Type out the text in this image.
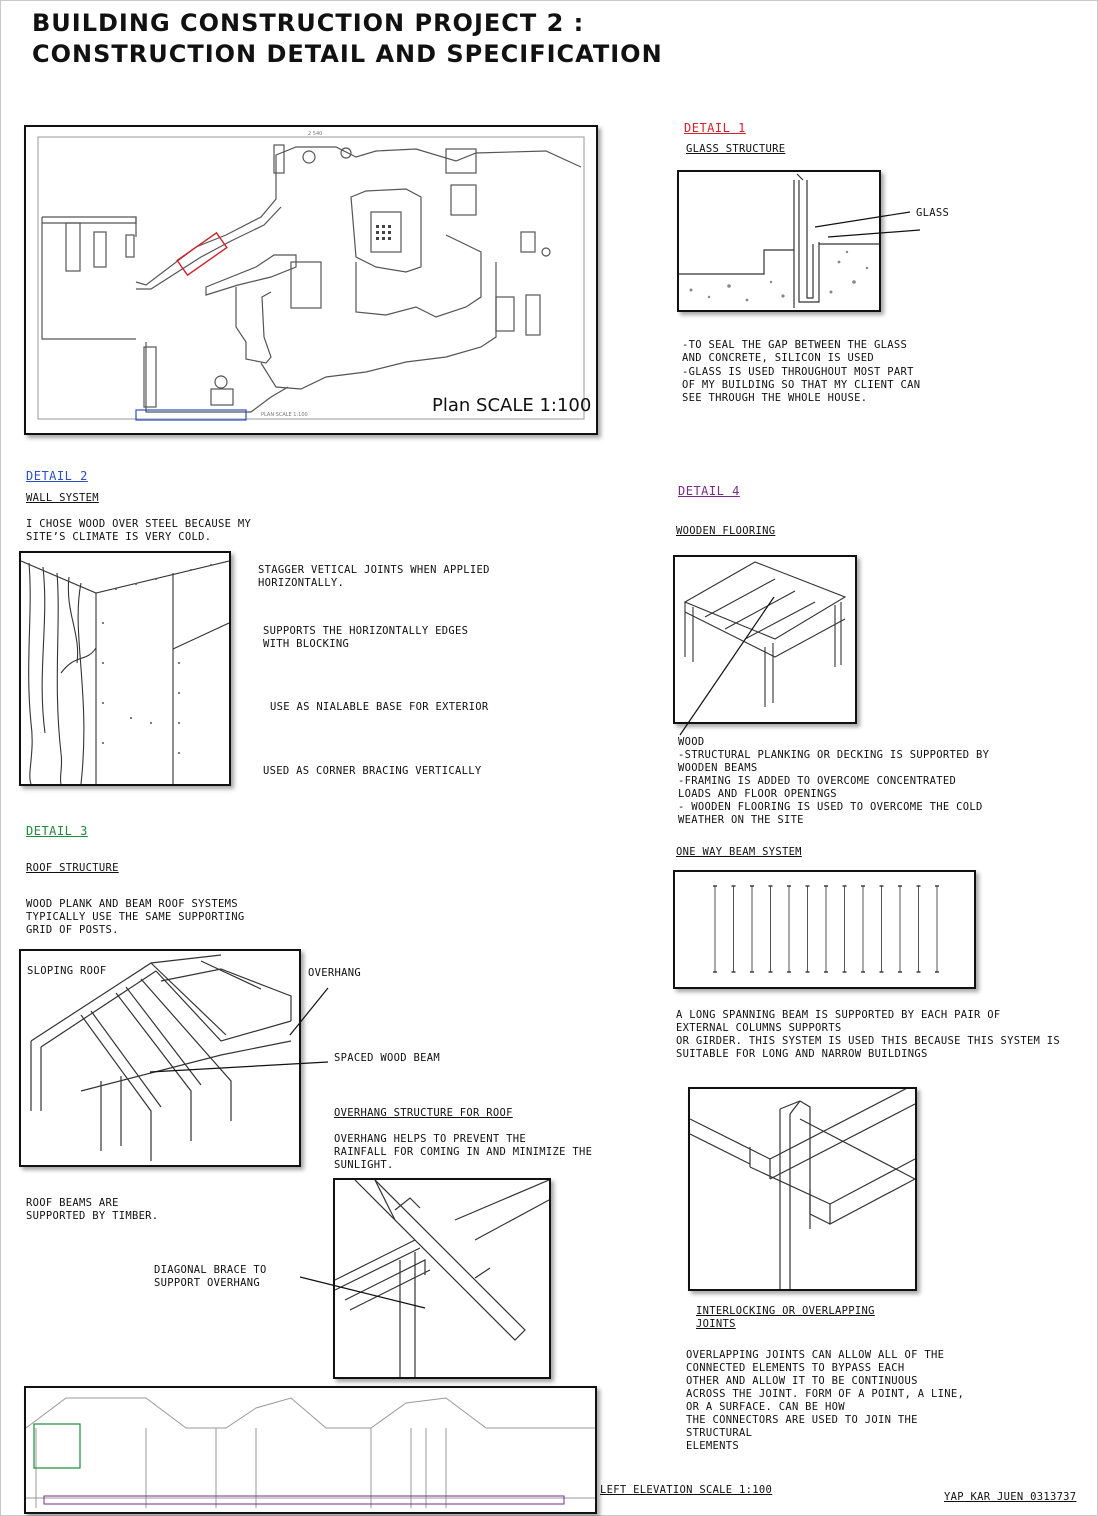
BUILDING CONSTRUCTION PROJECT 2 :
CONSTRUCTION DETAIL AND SPECIFICATION
2 540
PLAN SCALE 1:100	Plan SCALE 1:100
DETAIL 1
GLASS STRUCTURE
GLASS
-TO SEAL THE GAP BETWEEN THE GLASS
AND CONCRETE, SILICON IS USED
-GLASS IS USED THROUGHOUT MOST PART
OF MY BUILDING SO THAT MY CLIENT CAN
SEE THROUGH THE WHOLE HOUSE.
DETAIL 2
WALL SYSTEM
I CHOSE WOOD OVER STEEL BECAUSE MY
SITE’S CLIMATE IS VERY COLD.
STAGGER VETICAL JOINTS WHEN APPLIED
HORIZONTALLY.
SUPPORTS THE HORIZONTALLY EDGES
WITH BLOCKING
USE AS NIALABLE BASE FOR EXTERIOR
USED AS CORNER BRACING VERTICALLY
DETAIL 3
ROOF STRUCTURE
WOOD PLANK AND BEAM ROOF SYSTEMS
TYPICALLY USE THE SAME SUPPORTING
GRID OF POSTS.
SLOPING ROOF	OVERHANG
SPACED WOOD BEAM
OVERHANG STRUCTURE FOR ROOF
OVERHANG HELPS TO PREVENT THE
RAINFALL FOR COMING IN AND MINIMIZE THE
SUNLIGHT.
ROOF BEAMS ARE
SUPPORTED BY TIMBER.
DIAGONAL BRACE TO
SUPPORT OVERHANG
DETAIL 4
WOODEN FLOORING
WOOD
-STRUCTURAL PLANKING OR DECKING IS SUPPORTED BY
WOODEN BEAMS
-FRAMING IS ADDED TO OVERCOME CONCENTRATED
LOADS AND FLOOR OPENINGS
- WOODEN FLOORING IS USED TO OVERCOME THE COLD
WEATHER ON THE SITE
ONE WAY BEAM SYSTEM
A LONG SPANNING BEAM IS SUPPORTED BY EACH PAIR OF
EXTERNAL COLUMNS SUPPORTS
OR GIRDER. THIS SYSTEM IS USED THIS BECAUSE THIS SYSTEM IS
SUITABLE FOR LONG AND NARROW BUILDINGS
INTERLOCKING OR OVERLAPPING
JOINTS
OVERLAPPING JOINTS CAN ALLOW ALL OF THE
CONNECTED ELEMENTS TO BYPASS EACH
OTHER AND ALLOW IT TO BE CONTINUOUS
ACROSS THE JOINT. FORM OF A POINT, A LINE,
OR A SURFACE. CAN BE HOW
THE CONNECTORS ARE USED TO JOIN THE
STRUCTURAL
ELEMENTS
LEFT ELEVATION SCALE 1:100
YAP KAR JUEN 0313737
